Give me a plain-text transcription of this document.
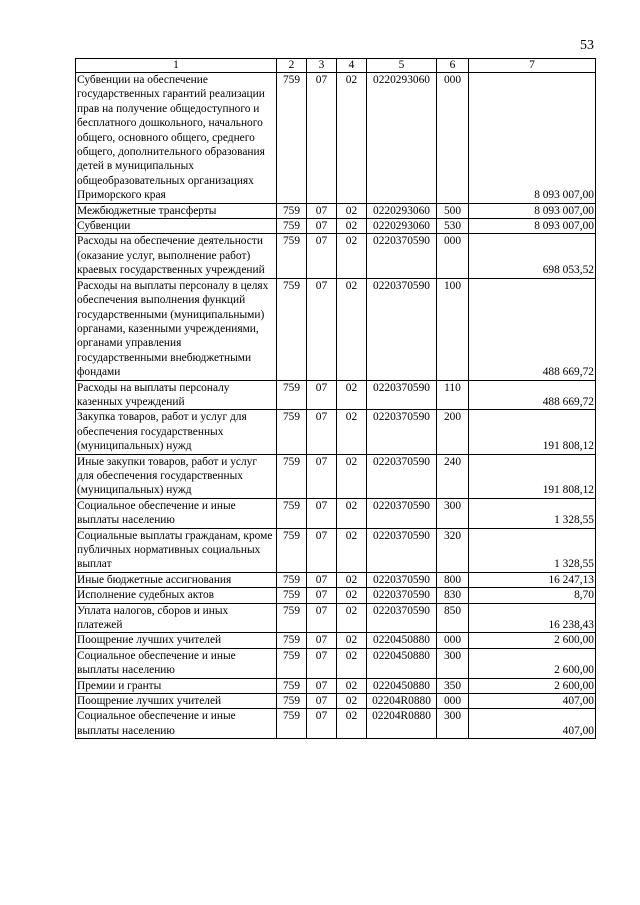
53
1	2	3	4	5	6	7
Субвенции на обеспечение государственных гарантий реализации прав на получение общедоступного и бесплатного дошкольного, начального общего, основного общего, среднего общего, дополнительного образования детей в муниципальных общеобразовательных организациях Приморского края	759	07	02	0220293060	000	8 093 007,00
Межбюджетные трансферты	759	07	02	0220293060	500	8 093 007,00
Субвенции	759	07	02	0220293060	530	8 093 007,00
Расходы на обеспечение деятельности (оказание услуг, выполнение работ) краевых государственных учреждений	759	07	02	0220370590	000	698 053,52
Расходы на выплаты персоналу в целях обеспечения выполнения функций государственными (муниципальными) органами, казенными учреждениями, органами управления государственными внебюджетными фондами	759	07	02	0220370590	100	488 669,72
Расходы на выплаты персоналу казенных учреждений	759	07	02	0220370590	110	488 669,72
Закупка товаров, работ и услуг для обеспечения государственных (муниципальных) нужд	759	07	02	0220370590	200	191 808,12
Иные закупки товаров, работ и услуг для обеспечения государственных (муниципальных) нужд	759	07	02	0220370590	240	191 808,12
Социальное обеспечение и иные выплаты населению	759	07	02	0220370590	300	1 328,55
Социальные выплаты гражданам, кроме публичных нормативных социальных выплат	759	07	02	0220370590	320	1 328,55
Иные бюджетные ассигнования	759	07	02	0220370590	800	16 247,13
Исполнение судебных актов	759	07	02	0220370590	830	8,70
Уплата налогов, сборов и иных платежей	759	07	02	0220370590	850	16 238,43
Поощрение лучших учителей	759	07	02	0220450880	000	2 600,00
Социальное обеспечение и иные выплаты населению	759	07	02	0220450880	300	2 600,00
Премии и гранты	759	07	02	0220450880	350	2 600,00
Поощрение лучших учителей	759	07	02	02204R0880	000	407,00
Социальное обеспечение и иные выплаты населению	759	07	02	02204R0880	300	407,00
